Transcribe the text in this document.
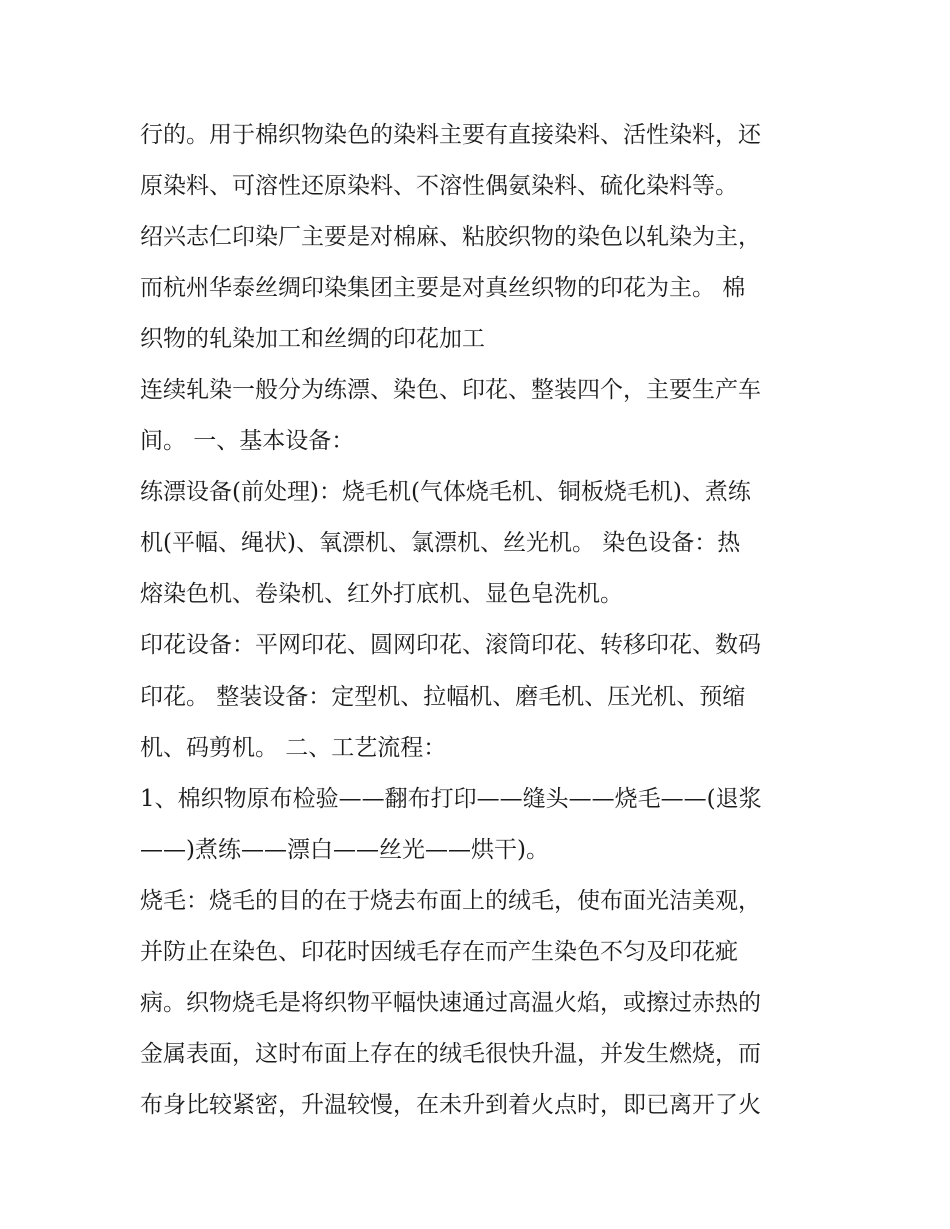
行的。用于棉织物染色的染料主要有直接染料、活性染料，还
原染料、可溶性还原染料、不溶性偶氨染料、硫化染料等。
绍兴志仁印染厂主要是对棉麻、粘胶织物的染色以轧染为主，
而杭州华泰丝绸印染集团主要是对真丝织物的印花为主。 棉
织物的轧染加工和丝绸的印花加工
连续轧染一般分为练漂、染色、印花、整装四个，主要生产车
间。 一、基本设备：
练漂设备(前处理)：烧毛机(气体烧毛机、铜板烧毛机)、煮练
机(平幅、绳状)、氧漂机、氯漂机、丝光机。 染色设备：热
熔染色机、卷染机、红外打底机、显色皂洗机。
印花设备：平网印花、圆网印花、滚筒印花、转移印花、数码
印花。 整装设备：定型机、拉幅机、磨毛机、压光机、预缩
机、码剪机。 二、工艺流程：
1、棉织物原布检验——翻布打印——缝头——烧毛——(退浆
——)煮练——漂白——丝光——烘干)。
烧毛：烧毛的目的在于烧去布面上的绒毛，使布面光洁美观，
并防止在染色、印花时因绒毛存在而产生染色不匀及印花疵
病。织物烧毛是将织物平幅快速通过高温火焰，或擦过赤热的
金属表面，这时布面上存在的绒毛很快升温，并发生燃烧，而
布身比较紧密，升温较慢，在未升到着火点时，即已离开了火
